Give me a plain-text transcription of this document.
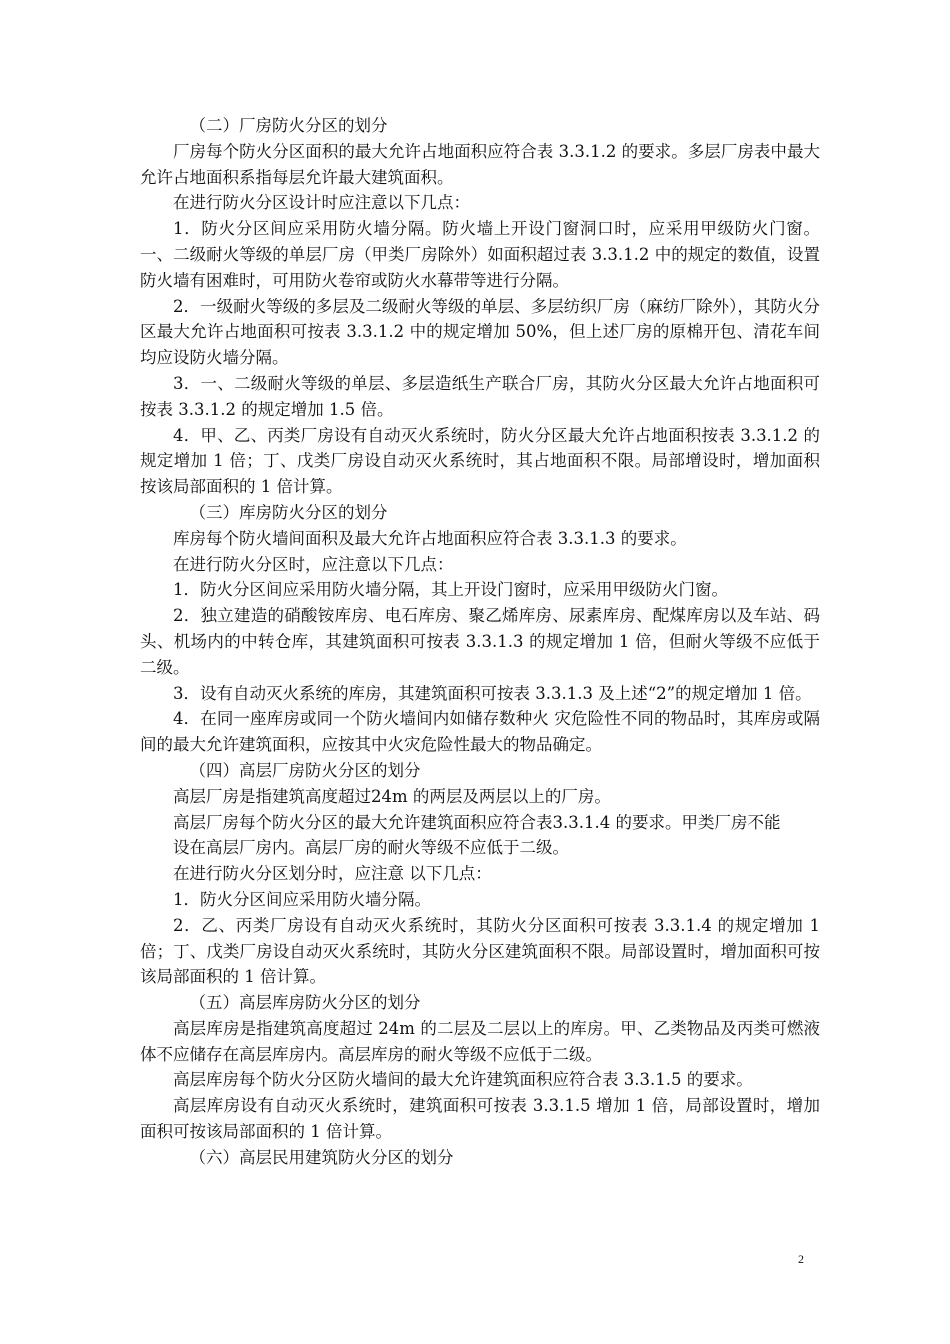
（二）厂房防火分区的划分

厂房每个防火分区面积的最大允许占地面积应符合表 3.3.1.2 的要求。多层厂房表中最大允许占地面积系指每层允许最大建筑面积。

在进行防火分区设计时应注意以下几点：

1．防火分区间应采用防火墙分隔。防火墙上开设门窗洞口时，应采用甲级防火门窗。一、二级耐火等级的单层厂房（甲类厂房除外）如面积超过表 3.3.1.2 中的规定的数值，设置防火墙有困难时，可用防火卷帘或防火水幕带等进行分隔。

2．一级耐火等级的多层及二级耐火等级的单层、多层纺织厂房（麻纺厂除外），其防火分区最大允许占地面积可按表 3.3.1.2 中的规定增加 50%，但上述厂房的原棉开包、清花车间均应设防火墙分隔。

3．一、二级耐火等级的单层、多层造纸生产联合厂房，其防火分区最大允许占地面积可按表 3.3.1.2 的规定增加 1.5 倍。

4．甲、乙、丙类厂房设有自动灭火系统时，防火分区最大允许占地面积按表 3.3.1.2 的规定增加 1 倍；丁、戊类厂房设自动灭火系统时，其占地面积不限。局部增设时，增加面积按该局部面积的 1 倍计算。

（三）库房防火分区的划分

库房每个防火墙间面积及最大允许占地面积应符合表 3.3.1.3 的要求。

在进行防火分区时，应注意以下几点：

1．防火分区间应采用防火墙分隔，其上开设门窗时，应采用甲级防火门窗。

2．独立建造的硝酸铵库房、电石库房、聚乙烯库房、尿素库房、配煤库房以及车站、码头、机场内的中转仓库，其建筑面积可按表 3.3.1.3 的规定增加 1 倍，但耐火等级不应低于二级。

3．设有自动灭火系统的库房，其建筑面积可按表 3.3.1.3 及上述“2”的规定增加 1 倍。

4．在同一座库房或同一个防火墙间内如储存数种火 灾危险性不同的物品时，其库房或隔间的最大允许建筑面积，应按其中火灾危险性最大的物品确定。

（四）高层厂房防火分区的划分

高层厂房是指建筑高度超过24m 的两层及两层以上的厂房。

高层厂房每个防火分区的最大允许建筑面积应符合表3.3.1.4 的要求。甲类厂房不能

设在高层厂房内。高层厂房的耐火等级不应低于二级。

在进行防火分区划分时，应注意 以下几点：

1．防火分区间应采用防火墙分隔。

2．乙、丙类厂房设有自动灭火系统时，其防火分区面积可按表 3.3.1.4 的规定增加 1 倍；丁、戊类厂房设自动灭火系统时，其防火分区建筑面积不限。局部设置时，增加面积可按该局部面积的 1 倍计算。

（五）高层库房防火分区的划分

高层库房是指建筑高度超过 24m 的二层及二层以上的库房。甲、乙类物品及丙类可燃液体不应储存在高层库房内。高层库房的耐火等级不应低于二级。

高层库房每个防火分区防火墙间的最大允许建筑面积应符合表 3.3.1.5 的要求。

高层库房设有自动灭火系统时，建筑面积可按表 3.3.1.5 增加 1 倍，局部设置时，增加面积可按该局部面积的 1 倍计算。

（六）高层民用建筑防火分区的划分

2
